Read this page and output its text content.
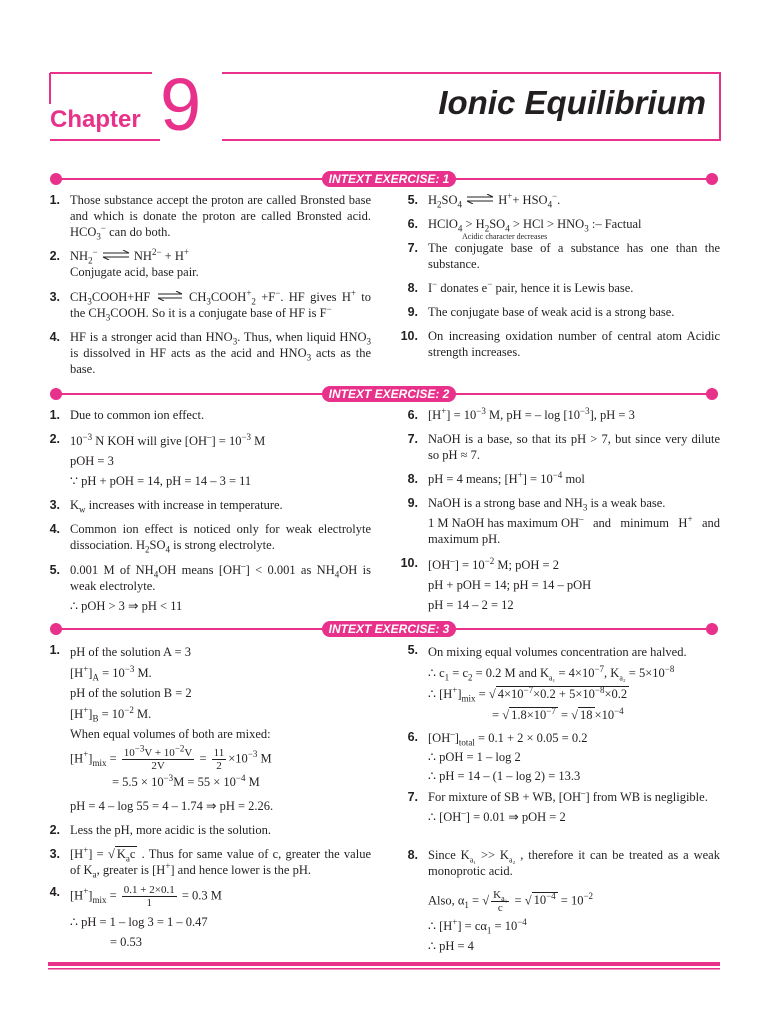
Chapter 9	Ionic Equilibrium
INTEXT EXERCISE: 1
INTEXT EXERCISE: 2
INTEXT EXERCISE: 3
1. Those substance accept the proton are called Bronsted base and which is donate the proton are called Bronsted acid. $HCO_3^-$ can do both.
2. $NH_2^-$ ⇌ $NH^{2-} + H^+$
Conjugate acid, base pair.
3. $CH_3COOH+HF$ ⇌ $CH_3COOH^+_2 +F^-$. HF gives H+ to the $CH_3COOH$. So it is a conjugate base of HF is F−
4. HF is a stronger acid than $HNO_3$. Thus, when liquid $HNO_3$ is dissolved in HF acts as the acid and $HNO_3$ acts as the base.
5. $H_2SO_4$ ⇌ $H^++ HSO_4^-$.
6. HClO$_4$ > $H_2SO_4$ > HCl > $HNO_3$ :– Factual
Acidic character decreases
7. The conjugate base of a substance has one than the substance.
8. I− donates e− pair, hence it is Lewis base.
9. The conjugate base of weak acid is a strong base.
10. On increasing oxidation number of central atom Acidic strength increases.
1. Due to common ion effect.
2. $10^{-3}$ N KOH will give $[OH^-] = 10^{-3}$ M
pOH = 3
∵ pH + pOH = 14, pH = 14 – 3 = 11
3. $K_w$ increases with increase in temperature.
4. Common ion effect is noticed only for weak electrolyte dissociation. $H_2SO_4$ is strong electrolyte.
5. 0.001 M of $NH_4OH$ means [OH–] < 0.001 as $NH_4OH$ is weak electrolyte.
∴ pOH > 3 ⇒ pH < 11
6. $[H^+] = 10^{-3}$ M, pH = – $\log [10^{-3}]$, pH = 3
7. NaOH is a base, so that its pH > 7, but since very dilute so pH ≈ 7.
8. pH = 4 means; $[H^+] = 10^{-4}$ mol
9. NaOH is a strong base and $NH_3$ is a weak base.
1 M NaOH has maximum OH– and minimum H+ and maximum pH.
10. $[OH^-] = 10^{-2}$ M; pOH = 2
pH + pOH = 14; pH = 14 – pOH
pH = 14 – 2 = 12
1. pH of the solution A = 3
$[H^+]_A = 10^{-3}$ M.
pH of the solution B = 2
$[H^+]_B = 10^{-2}$ M.
When equal volumes of both are mixed:
$[H^+]_{mix} = \frac{10^{-3}V + 10^{-2}V}{2V} = \frac{11}{2} \times 10^{-3}$ M
= $5.5 \times 10^{-3}M = 55 \times 10^{-4}$ M
pH = 4 – log 55 = 4 – 1.74 ⇒ pH = 2.26.
2. Less the pH, more acidic is the solution.
3. [H+] = √ $K_ac$ . Thus for same value of c, greater the value of $K_a$, greater is [H+] and hence lower is the pH.
4. $[H^+]_{mix} = \frac{0.1 + 2\times 0.1}{1} = 0.3$ M
∴ pH = 1 – log 3 = 1 – 0.47
= 0.53
5. On mixing equal volumes concentration are halved.
∴ $c_1 = c_2 = 0.2$ M and $K_{a_1} = 4\times 10^{-7}$, $K_{a_2} = 5\times 10^{-8}$
∴ $[H^+]_{mix}$ = √ $4\times 10^{-7}\times 0.2 + 5\times 10^{-8}\times 0.2$
= √ $1.8\times 10^{-7}$ = √ $18 \times 10^{-4}$
6. $[OH^-]_{total} = 0.1 + 2 \times 0.05 = 0.2$
∴ pOH = 1 – log 2
∴ pH = 14 – (1 – log 2) = 13.3
7. For mixture of SB + WB, [OH–] from WB is negligible.
∴ [OH–] = 0.01 ⇒ pOH = 2
8. Since $K_{a_1} >> K_{a_2}$ , therefore it can be treated as a weak monoprotic acid.
Also, $\alpha_1$ = √ $\frac{K_{a_1}}{c}$ = √ $10^{-4} = 10^{-2}$
∴ $[H^+] = c\alpha_1 = 10^{-4}$
∴ pH = 4
